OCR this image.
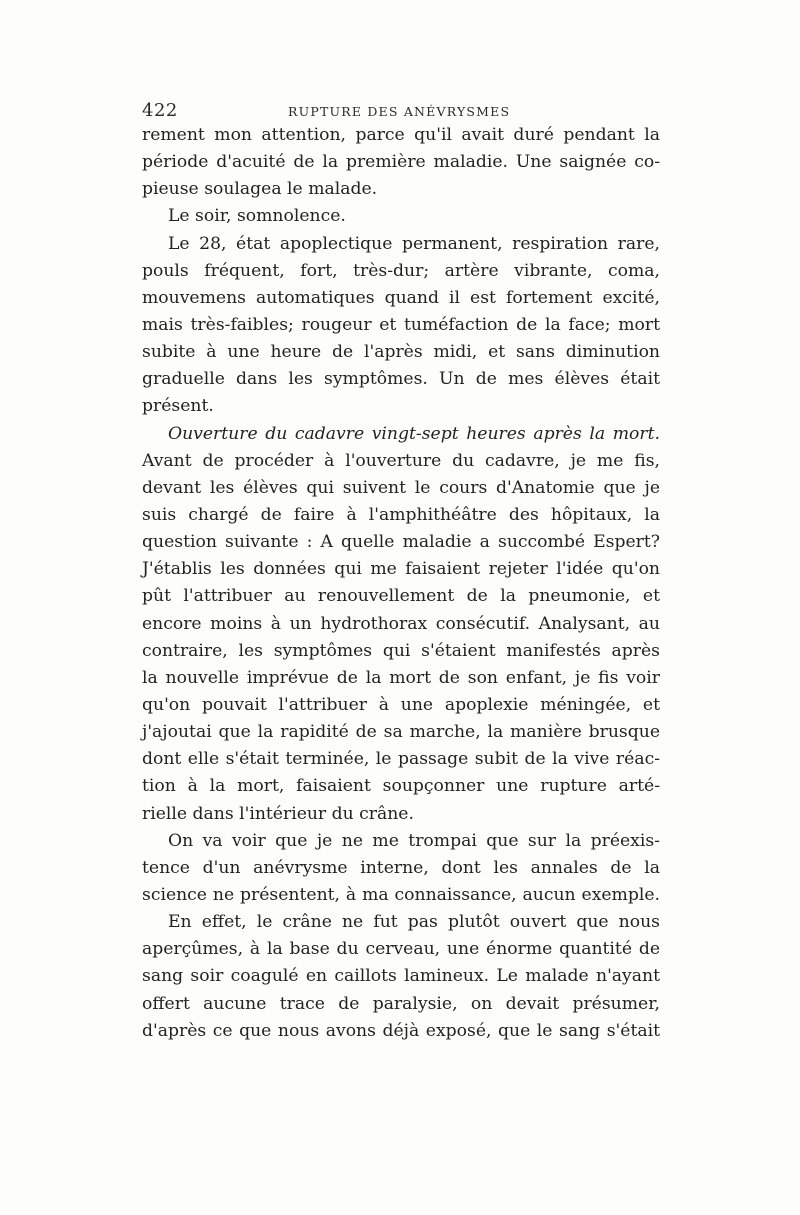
422	RUPTURE DES ANÉVRYSMES
rement mon attention, parce qu'il avait duré pendant la
période d'acuité de la première maladie. Une saignée co-
pieuse soulagea le malade.
Le soir, somnolence.
Le 28, état apoplectique permanent, respiration rare,
pouls fréquent, fort, très-dur; artère vibrante, coma,
mouvemens automatiques quand il est fortement excité,
mais très-faibles; rougeur et tuméfaction de la face; mort
subite à une heure de l'après midi, et sans diminution
graduelle dans les symptômes. Un de mes élèves était
présent.
Ouverture du cadavre vingt-sept heures après la mort.
Avant de procéder à l'ouverture du cadavre, je me fis,
devant les élèves qui suivent le cours d'Anatomie que je
suis chargé de faire à l'amphithéâtre des hôpitaux, la
question suivante : A quelle maladie a succombé Espert?
J'établis les données qui me faisaient rejeter l'idée qu'on
pût l'attribuer au renouvellement de la pneumonie, et
encore moins à un hydrothorax consécutif. Analysant, au
contraire, les symptômes qui s'étaient manifestés après
la nouvelle imprévue de la mort de son enfant, je fis voir
qu'on pouvait l'attribuer à une apoplexie méningée, et
j'ajoutai que la rapidité de sa marche, la manière brusque
dont elle s'était terminée, le passage subit de la vive réac-
tion à la mort, faisaient soupçonner une rupture arté-
rielle dans l'intérieur du crâne.
On va voir que je ne me trompai que sur la préexis-
tence d'un anévrysme interne, dont les annales de la
science ne présentent, à ma connaissance, aucun exemple.
En effet, le crâne ne fut pas plutôt ouvert que nous
aperçûmes, à la base du cerveau, une énorme quantité de
sang soir coagulé en caillots lamineux. Le malade n'ayant
offert aucune trace de paralysie, on devait présumer,
d'après ce que nous avons déjà exposé, que le sang s'était
